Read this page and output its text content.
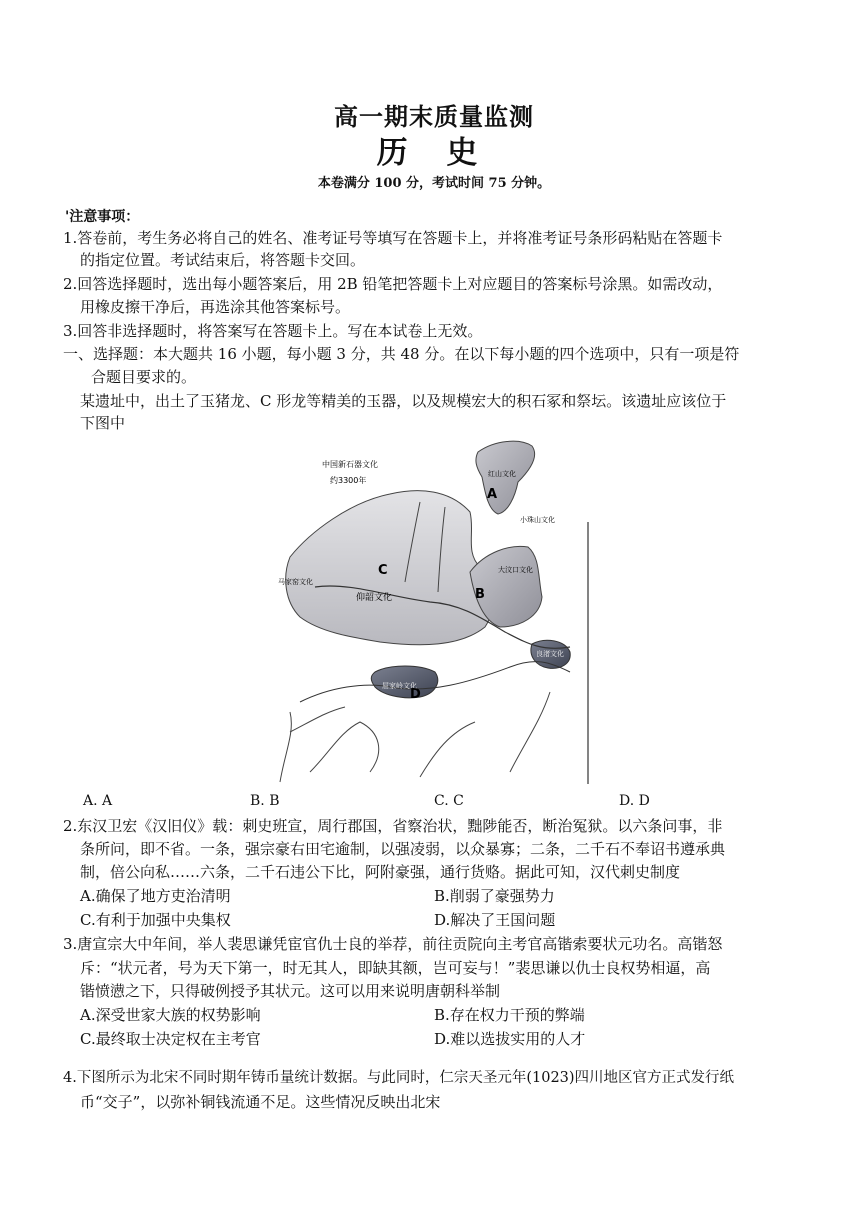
高一期末质量监测
历 史
本卷满分 100 分，考试时间 75 分钟。
'注意事项：
1.答卷前，考生务必将自己的姓名、准考证号等填写在答题卡上，并将准考证号条形码粘贴在答题卡
的指定位置。考试结束后，将答题卡交回。
2.回答选择题时，选出每小题答案后，用 2B 铅笔把答题卡上对应题目的答案标号涂黑。如需改动，
用橡皮擦干净后，再选涂其他答案标号。
3.回答非选择题时，将答案写在答题卡上。写在本试卷上无效。
一、选择题：本大题共 16 小题，每小题 3 分，共 48 分。在以下每小题的四个选项中，只有一项是符
合题目要求的。
某遗址中，出土了玉猪龙、C 形龙等精美的玉器，以及规模宏大的积石冢和祭坛。该遗址应该位于
下图中
中国新石器文化
约3300年
红山文化
小珠山文化
大汶口文化
仰韶文化
马家窑文化
良渚文化
屈家岭文化
A
B
C
D
A. A	B. B	C. C	D. D
2.东汉卫宏《汉旧仪》载：刺史班宣，周行郡国，省察治状，黜陟能否，断治冤狱。以六条问事，非
条所问，即不省。一条，强宗豪右田宅逾制，以强凌弱，以众暴寡；二条，二千石不奉诏书遵承典
制，倍公向私……六条，二千石违公下比，阿附豪强，通行货赂。据此可知，汉代刺史制度
A.确保了地方吏治清明	B.削弱了豪强势力
C.有利于加强中央集权	D.解决了王国问题
3.唐宣宗大中年间，举人裴思谦凭宦官仇士良的举荐，前往贡院向主考官高锴索要状元功名。高锴怒
斥：“状元者，号为天下第一，时无其人，即缺其额，岂可妄与！”裴思谦以仇士良权势相逼，高
锴愤懑之下，只得破例授予其状元。这可以用来说明唐朝科举制
A.深受世家大族的权势影响	B.存在权力干预的弊端
C.最终取士决定权在主考官	D.难以选拔实用的人才
4.下图所示为北宋不同时期年铸币量统计数据。与此同时，仁宗天圣元年(1023)四川地区官方正式发行纸
币“交子”，以弥补铜钱流通不足。这些情况反映出北宋
